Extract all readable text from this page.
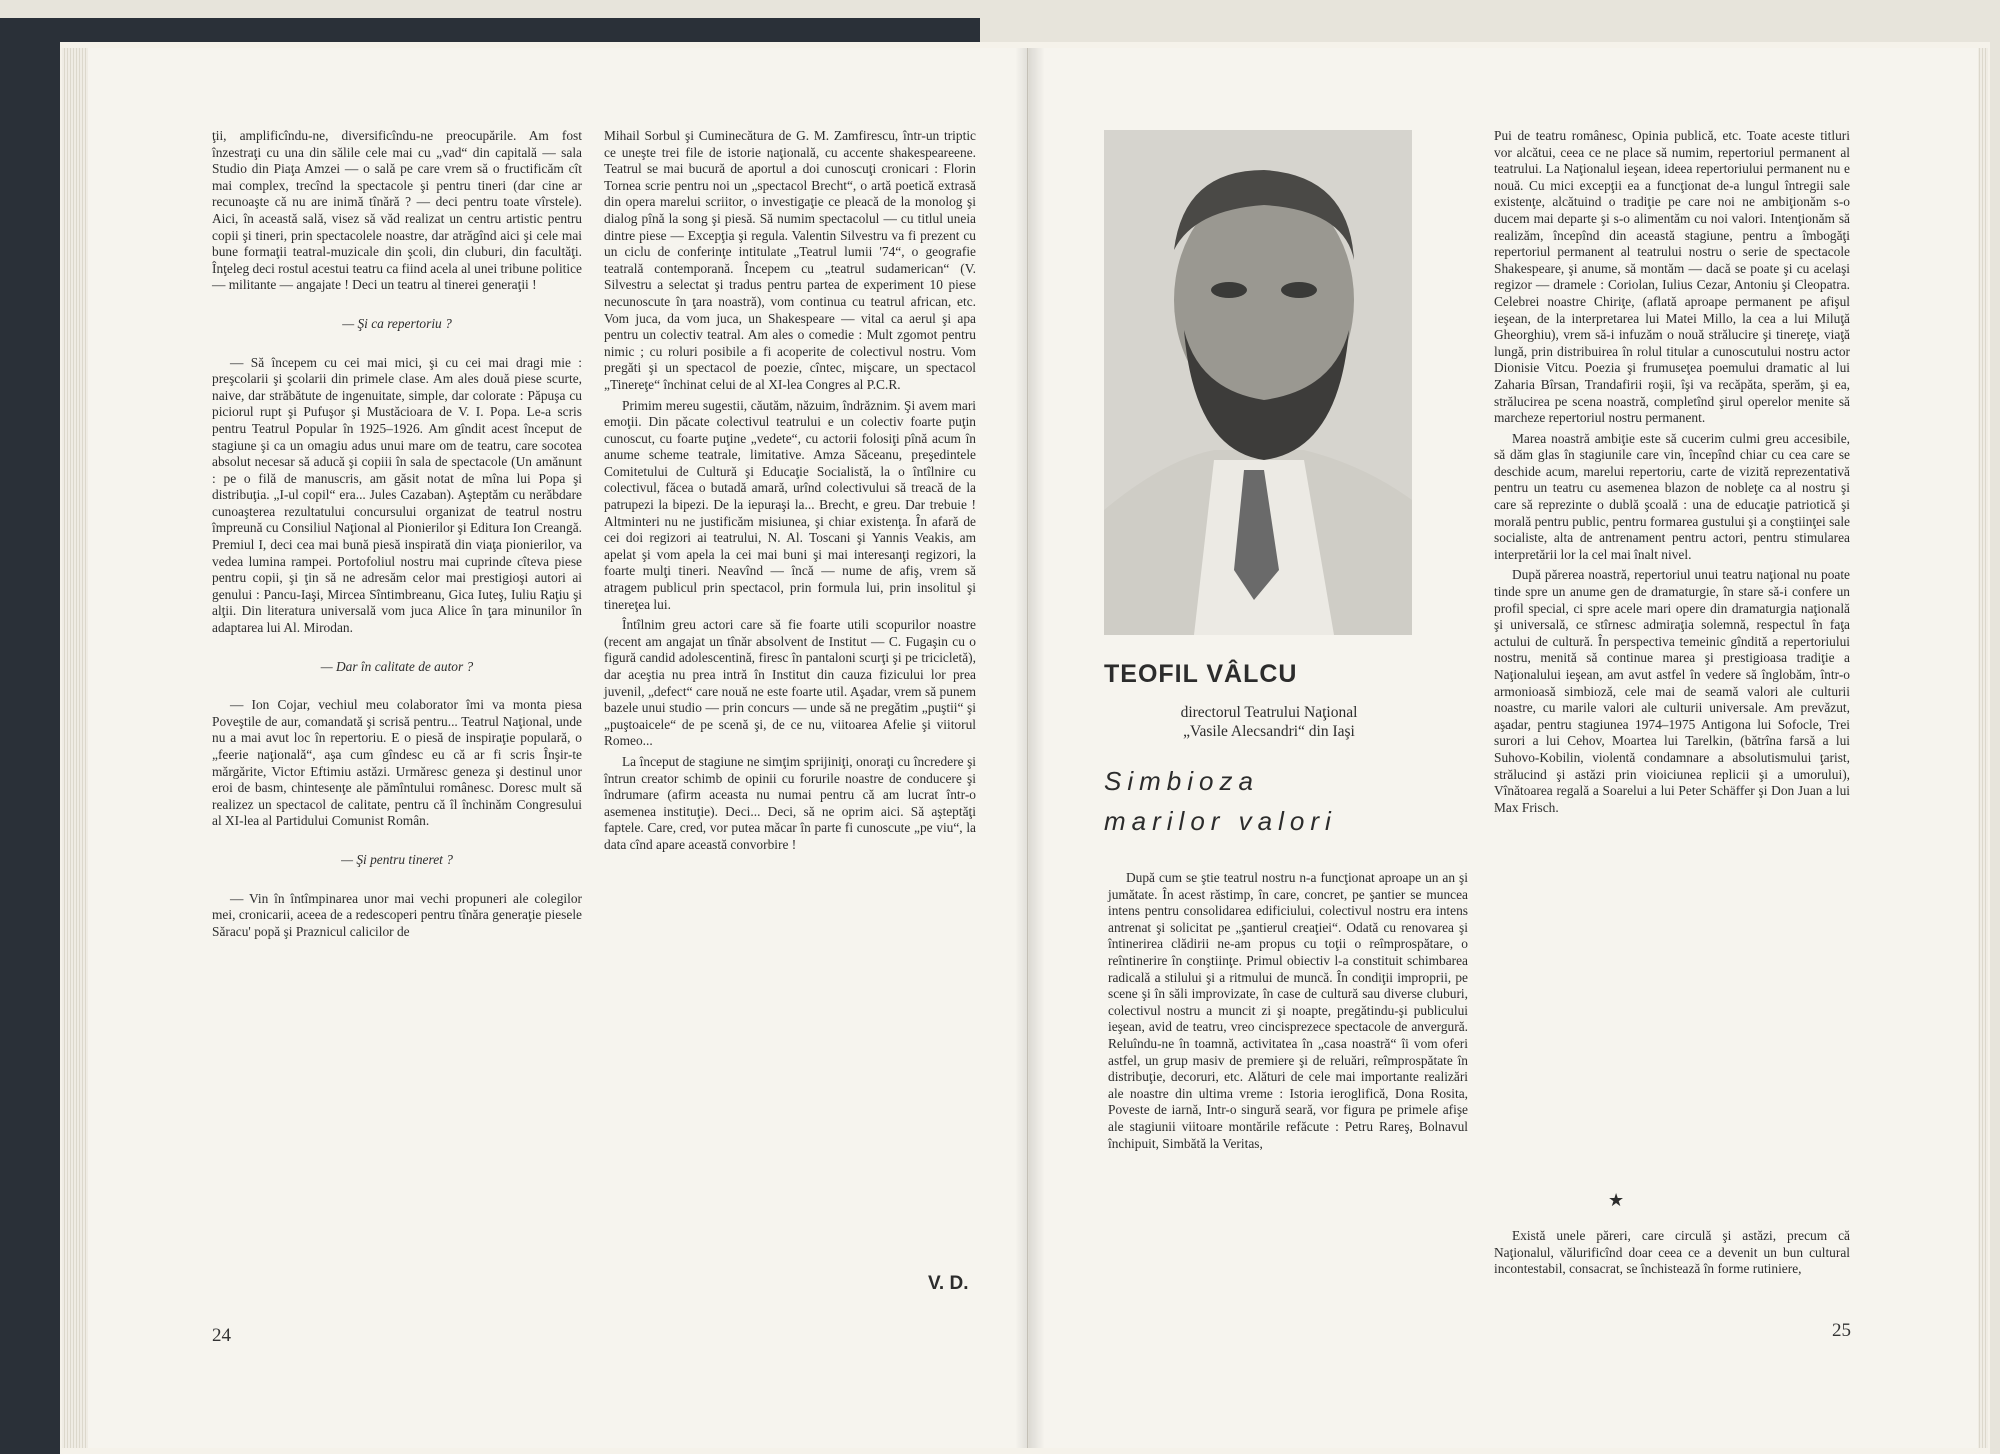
ţii, amplificîndu-ne, diversificîndu-ne preocupările. Am fost înzestraţi cu una din sălile cele mai cu „vad“ din capitală — sala Studio din Piaţa Amzei — o sală pe care vrem să o fructificăm cît mai complex, trecînd la spectacole şi pentru tineri (dar cine ar recunoaşte că nu are inimă tînără ? — deci pentru toate vîrstele). Aici, în această sală, visez să văd realizat un centru artistic pentru copii şi tineri, prin spectacolele noastre, dar atrăgînd aici şi cele mai bune formaţii teatral-muzicale din şcoli, din cluburi, din facultăţi. Înţeleg deci rostul acestui teatru ca fiind acela al unei tribune politice — militante — angajate ! Deci un teatru al tinerei generaţii !

— Şi ca repertoriu ?

— Să începem cu cei mai mici, şi cu cei mai dragi mie : preşcolarii şi şcolarii din primele clase. Am ales două piese scurte, naive, dar străbătute de ingenuitate, simple, dar colorate : Păpuşa cu piciorul rupt şi Pufuşor şi Mustăcioara de V. I. Popa. Le-a scris pentru Teatrul Popular în 1925–1926. Am gîndit acest început de stagiune şi ca un omagiu adus unui mare om de teatru, care socotea absolut necesar să aducă şi copiii în sala de spectacole (Un amănunt : pe o filă de manuscris, am găsit notat de mîna lui Popa şi distribuţia. „I-ul copil“ era... Jules Cazaban). Aşteptăm cu nerăbdare cunoaşterea rezultatului concursului organizat de teatrul nostru împreună cu Consiliul Naţional al Pionierilor şi Editura Ion Creangă. Premiul I, deci cea mai bună piesă inspirată din viaţa pionierilor, va vedea lumina rampei. Portofoliul nostru mai cuprinde cîteva piese pentru copii, şi ţin să ne adresăm celor mai prestigioşi autori ai genului : Pancu-Iaşi, Mircea Sîntimbreanu, Gica Iuteş, Iuliu Raţiu şi alţii. Din literatura universală vom juca Alice în ţara minunilor în adaptarea lui Al. Mirodan.

— Dar în calitate de autor ?

— Ion Cojar, vechiul meu colaborator îmi va monta piesa Poveştile de aur, comandată şi scrisă pentru... Teatrul Naţional, unde nu a mai avut loc în repertoriu. E o piesă de inspiraţie populară, o „feerie naţională“, aşa cum gîndesc eu că ar fi scris Înşir-te mărgărite, Victor Eftimiu astăzi. Urmăresc geneza şi destinul unor eroi de basm, chintesenţe ale pămîntului românesc. Doresc mult să realizez un spectacol de calitate, pentru că îl închinăm Congresului al XI-lea al Partidului Comunist Român.

— Şi pentru tineret ?

— Vin în întîmpinarea unor mai vechi propuneri ale colegilor mei, cronicarii, aceea de a redescoperi pentru tînăra generaţie piesele Săracu' popă şi Praznicul calicilor de

Mihail Sorbul şi Cuminecătura de G. M. Zamfirescu, într-un triptic ce uneşte trei file de istorie naţională, cu accente shakespeareene. Teatrul se mai bucură de aportul a doi cunoscuţi cronicari : Florin Tornea scrie pentru noi un „spectacol Brecht“, o artă poetică extrasă din opera marelui scriitor, o investigaţie ce pleacă de la monolog şi dialog pînă la song şi piesă. Să numim spectacolul — cu titlul uneia dintre piese — Excepţia şi regula. Valentin Silvestru va fi prezent cu un ciclu de conferinţe intitulate „Teatrul lumii '74“, o geografie teatrală contemporană. Începem cu „teatrul sudamerican“ (V. Silvestru a selectat şi tradus pentru partea de experiment 10 piese necunoscute în ţara noastră), vom continua cu teatrul african, etc. Vom juca, da vom juca, un Shakespeare — vital ca aerul şi apa pentru un colectiv teatral. Am ales o comedie : Mult zgomot pentru nimic ; cu roluri posibile a fi acoperite de colectivul nostru. Vom pregăti şi un spectacol de poezie, cîntec, mişcare, un spectacol „Tinereţe“ închinat celui de al XI-lea Congres al P.C.R.

Primim mereu sugestii, căutăm, năzuim, îndrăznim. Şi avem mari emoţii. Din păcate colectivul teatrului e un colectiv foarte puţin cunoscut, cu foarte puţine „vedete“, cu actorii folosiţi pînă acum în anume scheme teatrale, limitative. Amza Săceanu, preşedintele Comitetului de Cultură şi Educaţie Socialistă, la o întîlnire cu colectivul, făcea o butadă amară, urînd colectivului să treacă de la patrupezi la bipezi. De la iepuraşi la... Brecht, e greu. Dar trebuie ! Altminteri nu ne justificăm misiunea, şi chiar existenţa. În afară de cei doi regizori ai teatrului, N. Al. Toscani şi Yannis Veakis, am apelat şi vom apela la cei mai buni şi mai interesanţi regizori, la foarte mulţi tineri. Neavînd — încă — nume de afiş, vrem să atragem publicul prin spectacol, prin formula lui, prin insolitul şi tinereţea lui.

Întîlnim greu actori care să fie foarte utili scopurilor noastre (recent am angajat un tînăr absolvent de Institut — C. Fugaşin cu o figură candid adolescentină, firesc în pantaloni scurţi şi pe tricicletă), dar aceştia nu prea intră în Institut din cauza fizicului lor prea juvenil, „defect“ care nouă ne este foarte util. Aşadar, vrem să punem bazele unui studio — prin concurs — unde să ne pregătim „puştii“ şi „puştoaicele“ de pe scenă şi, de ce nu, viitoarea Afelie şi viitorul Romeo...

La început de stagiune ne simţim sprijiniţi, onoraţi cu încredere şi întrun creator schimb de opinii cu forurile noastre de conducere şi îndrumare (afirm aceasta nu numai pentru că am lucrat într-o asemenea instituţie). Deci... Deci, să ne oprim aici. Să aşteptăţi faptele. Care, cred, vor putea măcar în parte fi cunoscute „pe viu“, la data cînd apare această convorbire !

V. D.
24

TEOFIL VÂLCU

directorul Teatrului Naţional
„Vasile Alecsandri“ din Iaşi

Simbioza
marilor valori

După cum se ştie teatrul nostru n-a funcţionat aproape un an şi jumătate. În acest răstimp, în care, concret, pe şantier se muncea intens pentru consolidarea edificiului, colectivul nostru era intens antrenat şi solicitat pe „şantierul creaţiei“. Odată cu renovarea şi întinerirea clădirii ne-am propus cu toţii o reîmprospătare, o reîntinerire în conştiinţe. Primul obiectiv l-a constituit schimbarea radicală a stilului şi a ritmului de muncă. În condiţii improprii, pe scene şi în săli improvizate, în case de cultură sau diverse cluburi, colectivul nostru a muncit zi şi noapte, pregătindu-şi publicului ieşean, avid de teatru, vreo cincisprezece spectacole de anvergură. Reluîndu-ne în toamnă, activitatea în „casa noastră“ îi vom oferi astfel, un grup masiv de premiere şi de reluări, reîmprospătate în distribuţie, decoruri, etc. Alături de cele mai importante realizări ale noastre din ultima vreme : Istoria ieroglifică, Dona Rosita, Poveste de iarnă, Intr-o singură seară, vor figura pe primele afişe ale stagiunii viitoare montările refăcute : Petru Rareş, Bolnavul închipuit, Simbătă la Veritas,

Pui de teatru românesc, Opinia publică, etc. Toate aceste titluri vor alcătui, ceea ce ne place să numim, repertoriul permanent al teatrului. La Naţionalul ieşean, ideea repertoriului permanent nu e nouă. Cu mici excepţii ea a funcţionat de-a lungul întregii sale existenţe, alcătuind o tradiţie pe care noi ne ambiţionăm s-o ducem mai departe şi s-o alimentăm cu noi valori. Intenţionăm să realizăm, începînd din această stagiune, pentru a îmbogăţi repertoriul permanent al teatrului nostru o serie de spectacole Shakespeare, şi anume, să montăm — dacă se poate şi cu acelaşi regizor — dramele : Coriolan, Iulius Cezar, Antoniu şi Cleopatra. Celebrei noastre Chiriţe, (aflată aproape permanent pe afişul ieşean, de la interpretarea lui Matei Millo, la cea a lui Miluţă Gheorghiu), vrem să-i infuzăm o nouă strălucire şi tinereţe, viaţă lungă, prin distribuirea în rolul titular a cunoscutului nostru actor Dionisie Vitcu. Poezia şi frumuseţea poemului dramatic al lui Zaharia Bîrsan, Trandafirii roşii, îşi va recăpăta, sperăm, şi ea, strălucirea pe scena noastră, completînd şirul operelor menite să marcheze repertoriul nostru permanent.

Marea noastră ambiţie este să cucerim culmi greu accesibile, să dăm glas în stagiunile care vin, începînd chiar cu cea care se deschide acum, marelui repertoriu, carte de vizită reprezentativă pentru un teatru cu asemenea blazon de nobleţe ca al nostru şi care să reprezinte o dublă şcoală : una de educaţie patriotică şi morală pentru public, pentru formarea gustului şi a conştiinţei sale socialiste, alta de antrenament pentru actori, pentru stimularea interpretării lor la cel mai înalt nivel.

După părerea noastră, repertoriul unui teatru naţional nu poate tinde spre un anume gen de dramaturgie, în stare să-i confere un profil special, ci spre acele mari opere din dramaturgia naţională şi universală, ce stîrnesc admiraţia solemnă, respectul în faţa actului de cultură. În perspectiva temeinic gîndită a repertoriului nostru, menită să continue marea şi prestigioasa tradiţie a Naţionalului ieşean, am avut astfel în vedere să înglobăm, într-o armonioasă simbioză, cele mai de seamă valori ale culturii noastre, cu marile valori ale culturii universale. Am prevăzut, aşadar, pentru stagiunea 1974–1975 Antigona lui Sofocle, Trei surori a lui Cehov, Moartea lui Tarelkin, (bătrîna farsă a lui Suhovo-Kobilin, violentă condamnare a absolutismului ţarist, strălucind şi astăzi prin vioiciunea replicii şi a umorului), Vînătoarea regală a Soarelui a lui Peter Schäffer şi Don Juan a lui Max Frisch.

★

Există unele păreri, care circulă şi astăzi, precum că Naţionalul, vălurificînd doar ceea ce a devenit un bun cultural incontestabil, consacrat, se închistează în forme rutiniere,

25
